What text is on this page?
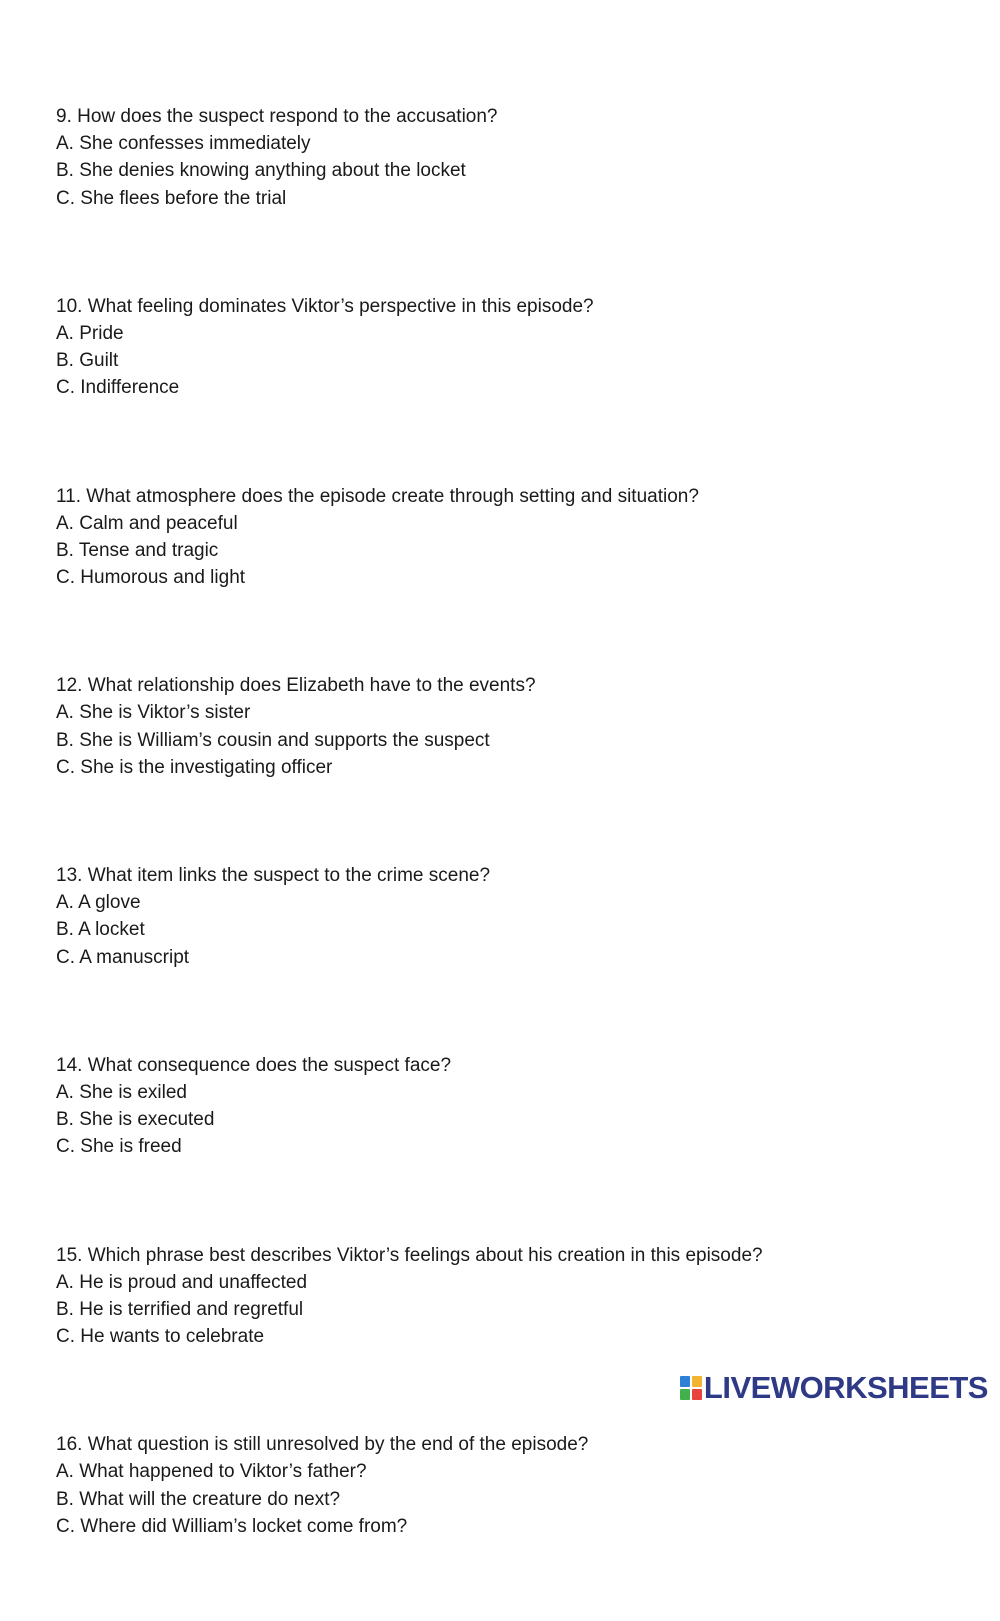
9. How does the suspect respond to the accusation?
A. She confesses immediately
B. She denies knowing anything about the locket
C. She flees before the trial
10. What feeling dominates Viktor’s perspective in this episode?
A. Pride
B. Guilt
C. Indifference
11. What atmosphere does the episode create through setting and situation?
A. Calm and peaceful
B. Tense and tragic
C. Humorous and light
12. What relationship does Elizabeth have to the events?
A. She is Viktor’s sister
B. She is William’s cousin and supports the suspect
C. She is the investigating officer
13. What item links the suspect to the crime scene?
A. A glove
B. A locket
C. A manuscript
14. What consequence does the suspect face?
A. She is exiled
B. She is executed
C. She is freed
15. Which phrase best describes Viktor’s feelings about his creation in this episode?
A. He is proud and unaffected
B. He is terrified and regretful
C. He wants to celebrate
16. What question is still unresolved by the end of the episode?
A. What happened to Viktor’s father?
B. What will the creature do next?
C. Where did William’s locket come from?
LIVEWORKSHEETS
